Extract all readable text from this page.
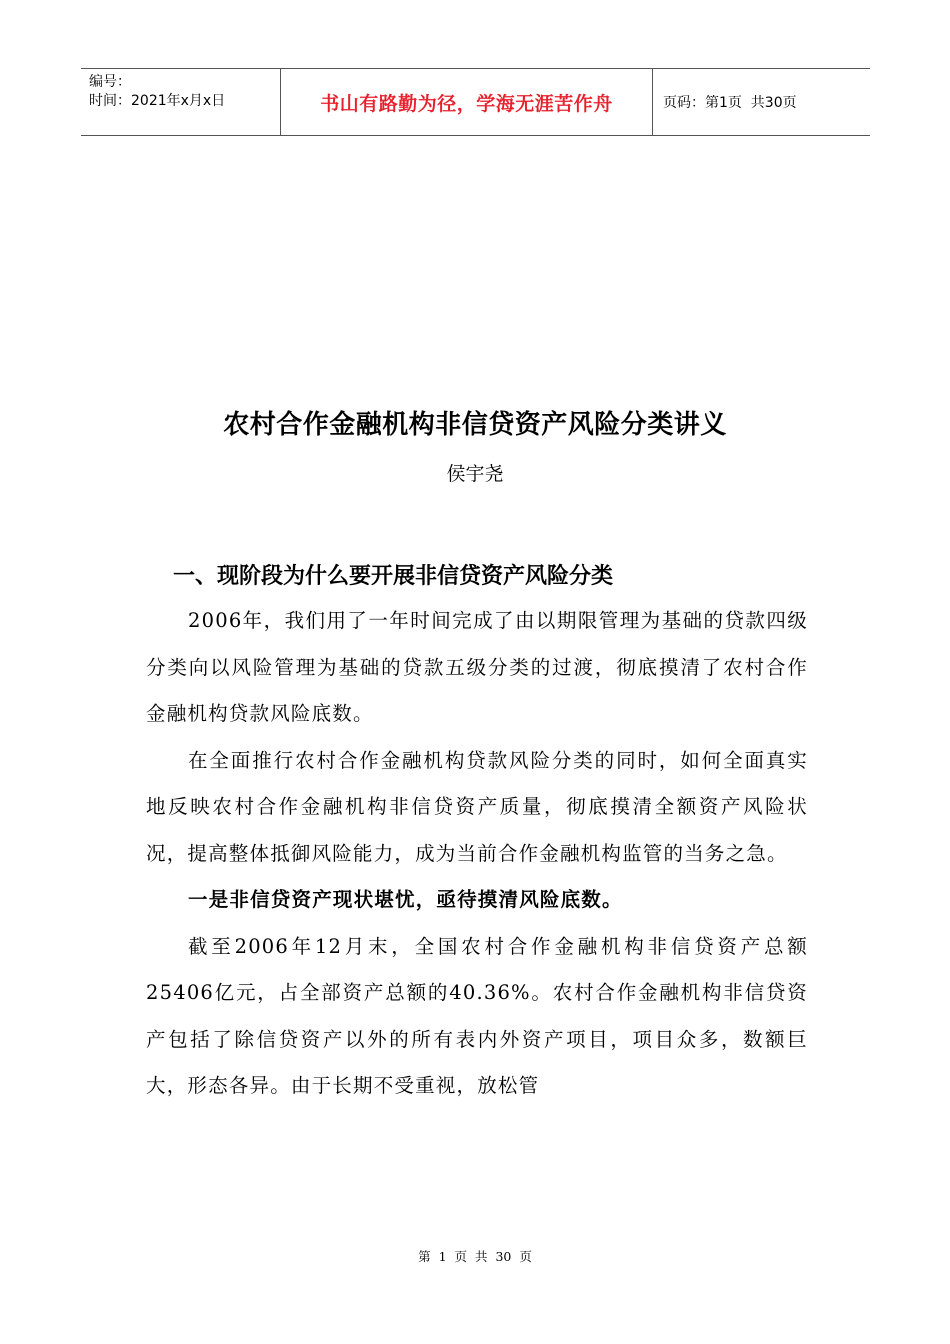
编号：
时间：2021年x月x日	书山有路勤为径，学海无涯苦作舟	页码：第1页  共30页
农村合作金融机构非信贷资产风险分类讲义
侯宇尧
一、现阶段为什么要开展非信贷资产风险分类

2006年，我们用了一年时间完成了由以期限管理为基础的贷款四级分类向以风险管理为基础的贷款五级分类的过渡，彻底摸清了农村合作金融机构贷款风险底数。

在全面推行农村合作金融机构贷款风险分类的同时，如何全面真实地反映农村合作金融机构非信贷资产质量，彻底摸清全额资产风险状况，提高整体抵御风险能力，成为当前合作金融机构监管的当务之急。

一是非信贷资产现状堪忧，亟待摸清风险底数。

截至2006年12月末，全国农村合作金融机构非信贷资产总额25406亿元，占全部资产总额的40.36%。农村合作金融机构非信贷资产包括了除信贷资产以外的所有表内外资产项目，项目众多，数额巨大，形态各异。由于长期不受重视，放松管

第 1 页 共 30 页
